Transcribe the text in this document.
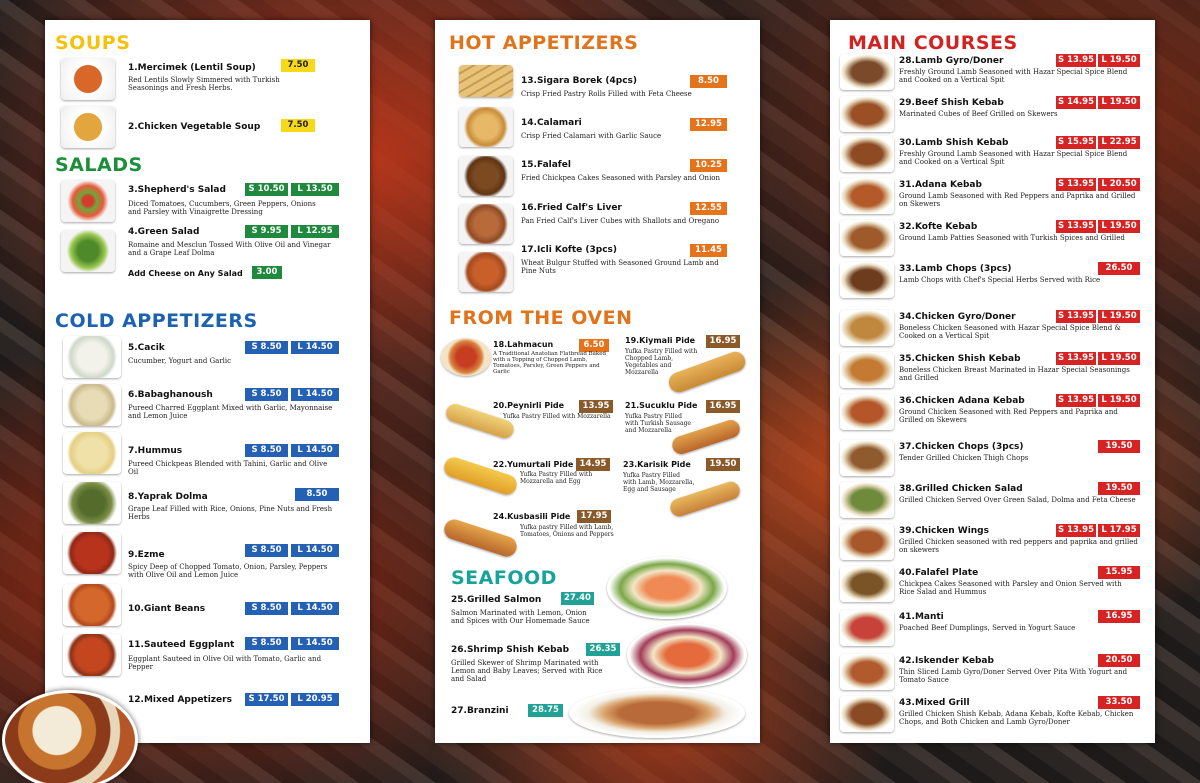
SOUPS
1.Mercimek (Lentil Soup)	7.50
Red Lentils Slowly Simmered with Turkish Seasonings and Fresh Herbs.
2.Chicken Vegetable Soup	7.50
SALADS
3.Shepherd's Salad	S 10.50	L 13.50
Diced Tomatoes, Cucumbers, Green Peppers, Onions and Parsley with Vinaigrette Dressing
4.Green Salad	S 9.95	L 12.95
Romaine and Mesclun Tossed With Olive Oil and Vinegar and a Grape Leaf Dolma
Add Cheese on Any Salad	3.00
COLD APPETIZERS
5.Cacik	S 8.50	L 14.50
Cucumber, Yogurt and Garlic
6.Babaghanoush	S 8.50	L 14.50
Pureed Charred Eggplant Mixed with Garlic, Mayonnaise and Lemon Juice
7.Hummus	S 8.50	L 14.50
Pureed Chickpeas Blended with Tahini, Garlic and Olive Oil
8.Yaprak Dolma	8.50
Grape Leaf Filled with Rice, Onions, Pine Nuts and Fresh Herbs
9.Ezme	S 8.50	L 14.50
Spicy Deep of Chopped Tomato, Onion, Parsley, Peppers with Olive Oil and Lemon Juice
10.Giant Beans	S 8.50	L 14.50
11.Sauteed Eggplant	S 8.50	L 14.50
Eggplant Sauteed in Olive Oil with Tomato, Garlic and Pepper
12.Mixed Appetizers	S 17.50	L 20.95
HOT APPETIZERS
13.Sigara Borek (4pcs)	8.50
Crisp Fried Pastry Rolls Filled with Feta Cheese
14.Calamari	12.95
Crisp Fried Calamari with Garlic Sauce
15.Falafel	10.25
Fried Chickpea Cakes Seasoned with Parsley and Onion
16.Fried Calf's Liver	12.55
Pan Fried Calf's Liver Cubes with Shallots and Oregano
17.Icli Kofte (3pcs)	11.45
Wheat Bulgur Stuffed with Seasoned Ground Lamb and Pine Nuts
FROM THE OVEN
18.Lahmacun	6.50
A Traditional Anatolian Flatbread Baked with a Topping of Chopped Lamb, Tomatoes, Parsley, Green Peppers and Garlic
19.Kiymali Pide	16.95
Yufka Pastry Filled with Chopped Lamb, Vegetables and Mozzarella
20.Peynirli Pide	13.95
Yufka Pastry Filled with Mozzarella
21.Sucuklu Pide	16.95
Yufka Pastry Filled with Turkish Sausage and Mozzarella
22.Yumurtali Pide 14.95
Yufka Pastry Filled with Mozzarella and Egg
23.Karisik Pide	19.50
Yufka Pastry Filled with Lamb, Mozzarella, Egg and Sausage
24.Kusbasili Pide	17.95
Yufka pastry Filled with Lamb, Tomatoes, Onions and Peppers
SEAFOOD
25.Grilled Salmon	27.40
Salmon Marinated with Lemon, Onion and Spices with Our Homemade Sauce
26.Shrimp Shish Kebab	26.35
Grilled Skewer of Shrimp Marinated with Lemon and Baby Leaves; Served with Rice and Salad
27.Branzini	28.75
MAIN COURSES
28.Lamb Gyro/Doner	S 13.95 L 19.50
Freshly Ground Lamb Seasoned with Hazar Special Spice Blend and Cooked on a Vertical Spit
29.Beef Shish Kebab	S 14.95 L 19.50
Marinated Cubes of Beef Grilled on Skewers
30.Lamb Shish Kebab	S 15.95 L 22.95
Freshly Ground Lamb Seasoned with Hazar Special Spice Blend and Cooked on a Vertical Spit
31.Adana Kebab	S 13.95 L 20.50
Ground Lamb Seasoned with Red Peppers and Paprika and Grilled on Skewers
32.Kofte Kebab	S 13.95 L 19.50
Ground Lamb Patties Seasoned with Turkish Spices and Grilled
33.Lamb Chops (3pcs)	26.50
Lamb Chops with Chef's Special Herbs Served with Rice
34.Chicken Gyro/Doner	S 13.95 L 19.50
Boneless Chicken Seasoned with Hazar Special Spice Blend & Cooked on a Vertical Spit
35.Chicken Shish Kebab	S 13.95 L 19.50
Boneless Chicken Breast Marinated in Hazar Special Seasonings and Grilled
36.Chicken Adana Kebab	S 13.95 L 19.50
Ground Chicken Seasoned with Red Peppers and Paprika and Grilled on Skewers
37.Chicken Chops (3pcs)	19.50
Tender Grilled Chicken Thigh Chops
38.Grilled Chicken Salad	19.50
Grilled Chicken Served Over Green Salad, Dolma and Feta Cheese
39.Chicken Wings	S 13.95 L 17.95
Grilled Chicken seasoned with red peppers and paprika and grilled on skewers
40.Falafel Plate	15.95
Chickpea Cakes Seasoned with Parsley and Onion Served with Rice Salad and Hummus
41.Manti	16.95
Poached Beef Dumplings, Served in Yogurt Sauce
42.Iskender Kebab	20.50
Thin Sliced Lamb Gyro/Doner Served Over Pita With Yogurt and Tomato Sauce
43.Mixed Grill	33.50
Grilled Chicken Shish Kebab, Adana Kebab, Kofte Kebab, Chicken Chops, and Both Chicken and Lamb Gyro/Doner
